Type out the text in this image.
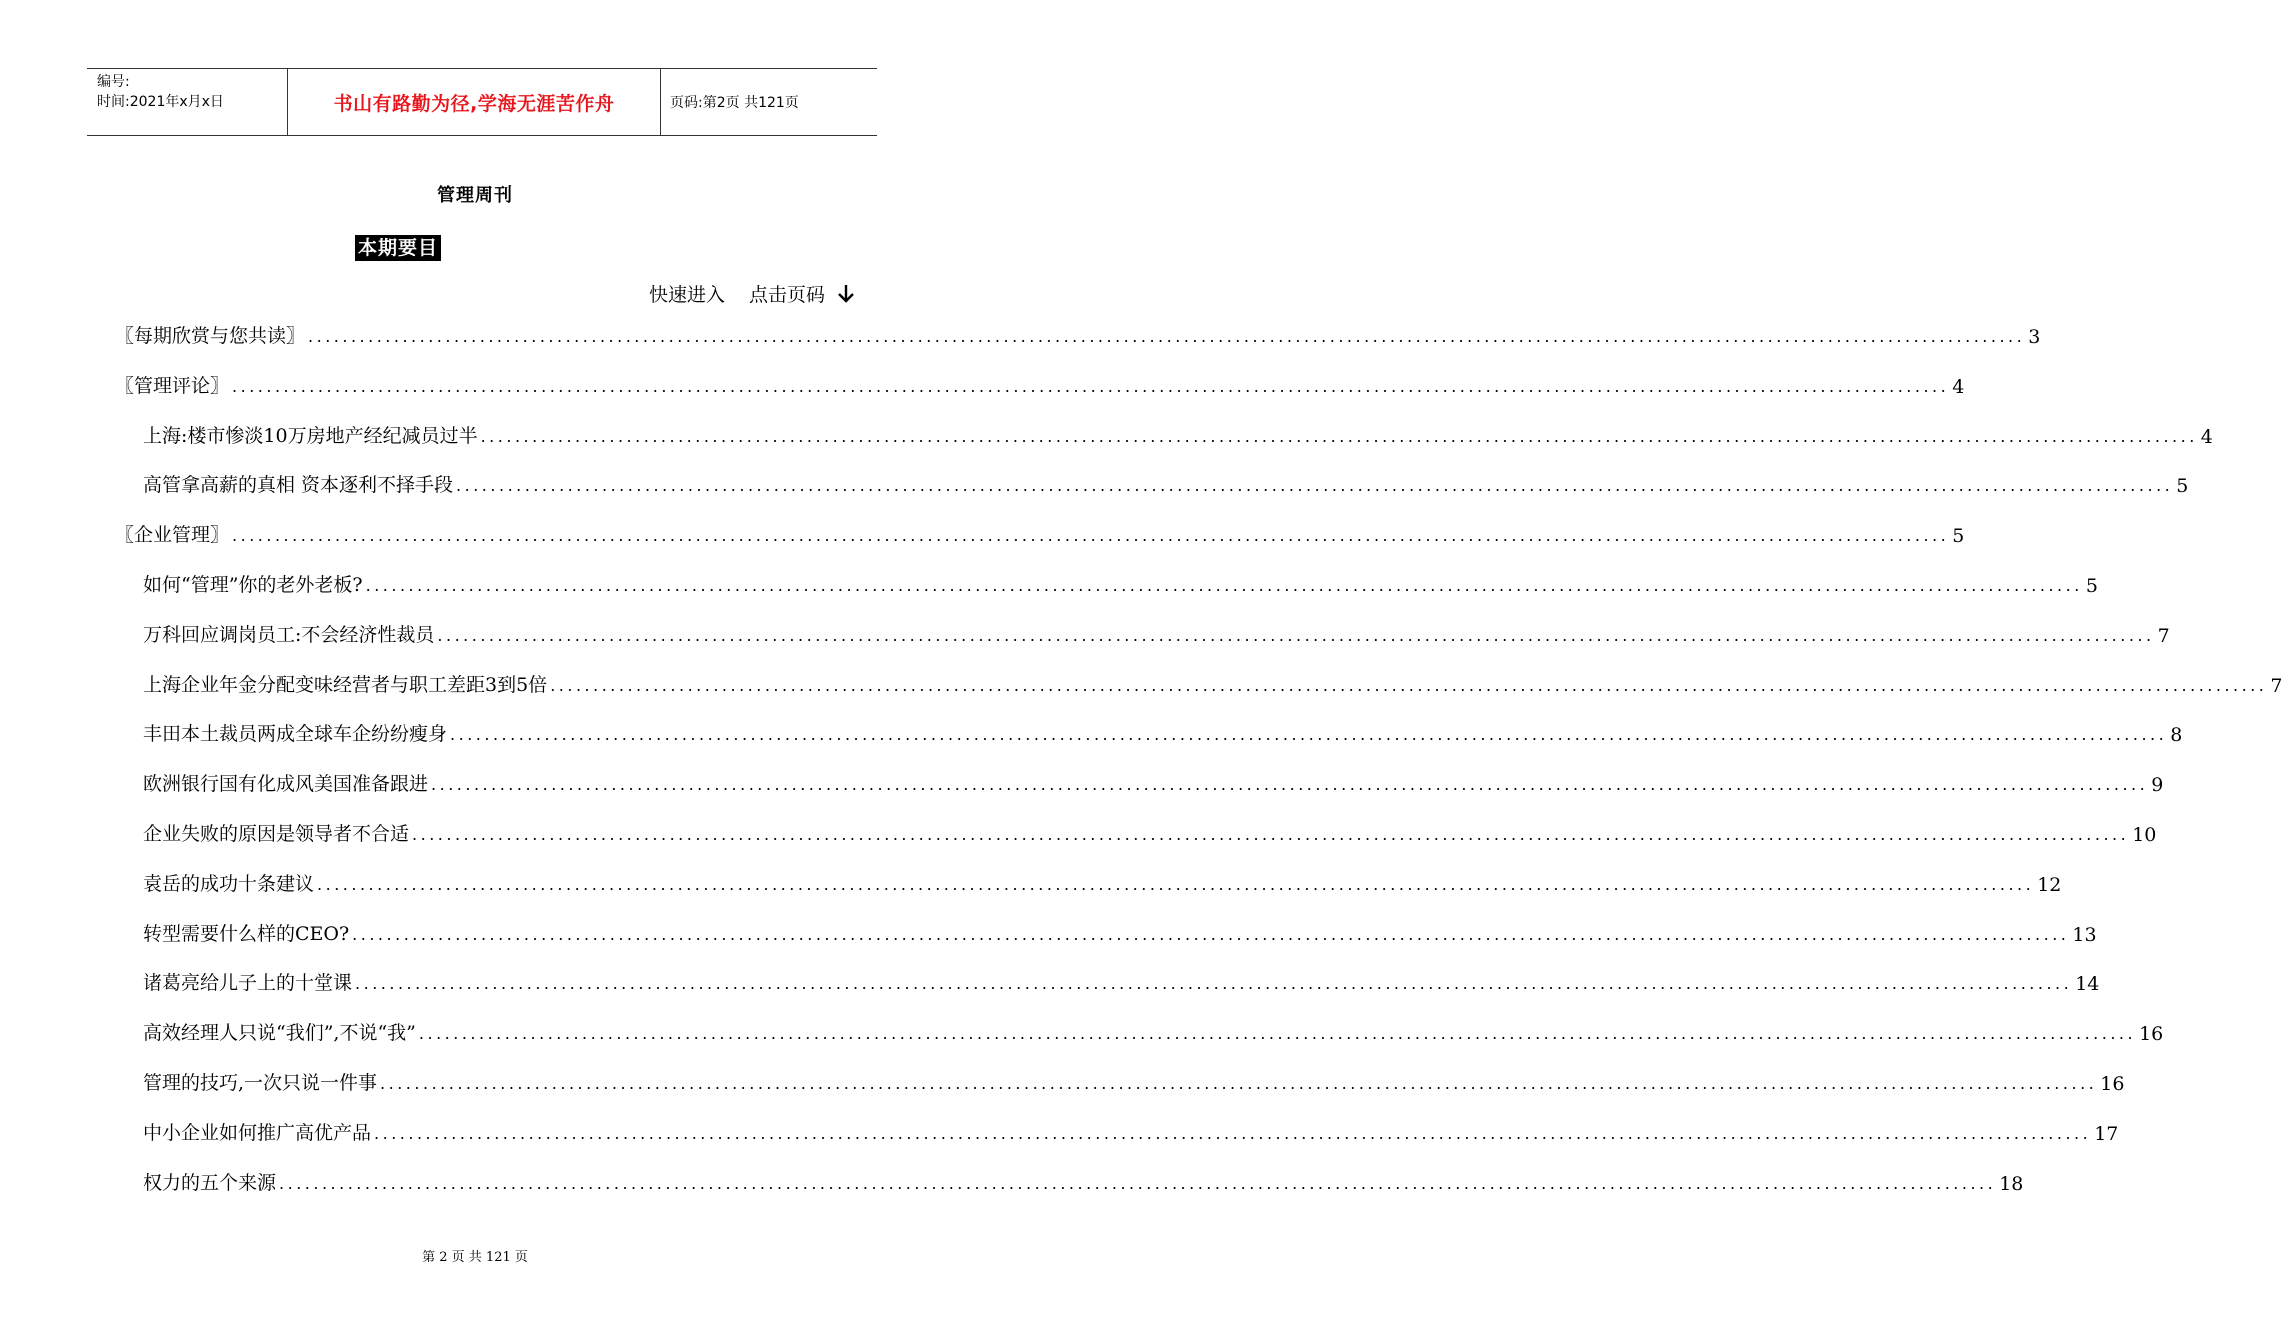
编号:
时间:2021年x月x日	书山有路勤为径,学海无涯苦作舟	页码:第2页 共121页
管理周刊
本期要目
快速进入 点击页码
〖每期欣赏与您共读〗 ........................................................................................................................................................................................................ 3
〖管理评论〗 ........................................................................................................................................................................................................ 4
上海:楼市惨淡10万房地产经纪减员过半 ........................................................................................................................................................................................................ 4
高管拿高薪的真相 资本逐利不择手段 ........................................................................................................................................................................................................ 5
〖企业管理〗 ........................................................................................................................................................................................................ 5
如何“管理”你的老外老板? ........................................................................................................................................................................................................ 5
万科回应调岗员工:不会经济性裁员 ........................................................................................................................................................................................................ 7
上海企业年金分配变味经营者与职工差距3到5倍 ........................................................................................................................................................................................................ 7
丰田本土裁员两成全球车企纷纷瘦身 ........................................................................................................................................................................................................ 8
欧洲银行国有化成风美国准备跟进 ........................................................................................................................................................................................................ 9
企业失败的原因是领导者不合适 ........................................................................................................................................................................................................ 10
袁岳的成功十条建议 ........................................................................................................................................................................................................ 12
转型需要什么样的CEO? ........................................................................................................................................................................................................ 13
诸葛亮给儿子上的十堂课 ........................................................................................................................................................................................................ 14
高效经理人只说“我们”,不说“我” ........................................................................................................................................................................................................ 16
管理的技巧,一次只说一件事 ........................................................................................................................................................................................................ 16
中小企业如何推广高优产品 ........................................................................................................................................................................................................ 17
权力的五个来源 ........................................................................................................................................................................................................ 18
第 2 页 共 121 页
